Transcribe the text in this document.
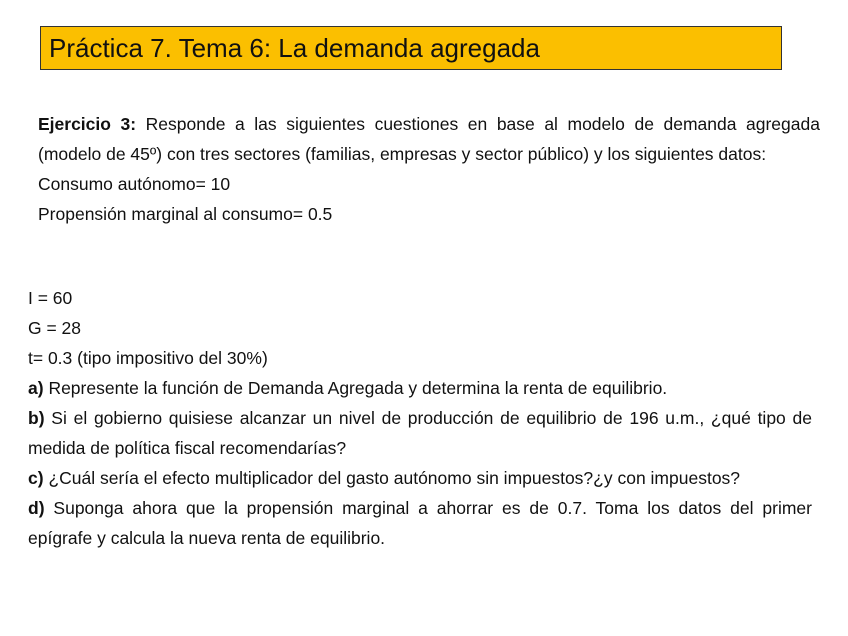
Práctica 7. Tema 6: La demanda agregada
Ejercicio 3: Responde a las siguientes cuestiones en base al modelo de demanda agregada (modelo de 45º) con tres sectores (familias, empresas y sector público) y los siguientes datos:
Consumo autónomo= 10
Propensión marginal al consumo= 0.5
I = 60
G = 28
t= 0.3 (tipo impositivo del 30%)
a) Represente la función de Demanda Agregada y determina la renta de equilibrio.
b) Si el gobierno quisiese alcanzar un nivel de producción de equilibrio de 196 u.m., ¿qué tipo de medida de política fiscal recomendarías?
c) ¿Cuál sería el efecto multiplicador del gasto autónomo sin impuestos?¿y con impuestos?
d) Suponga ahora que la propensión marginal a ahorrar es de 0.7. Toma los datos del primer epígrafe y calcula la nueva renta de equilibrio.
